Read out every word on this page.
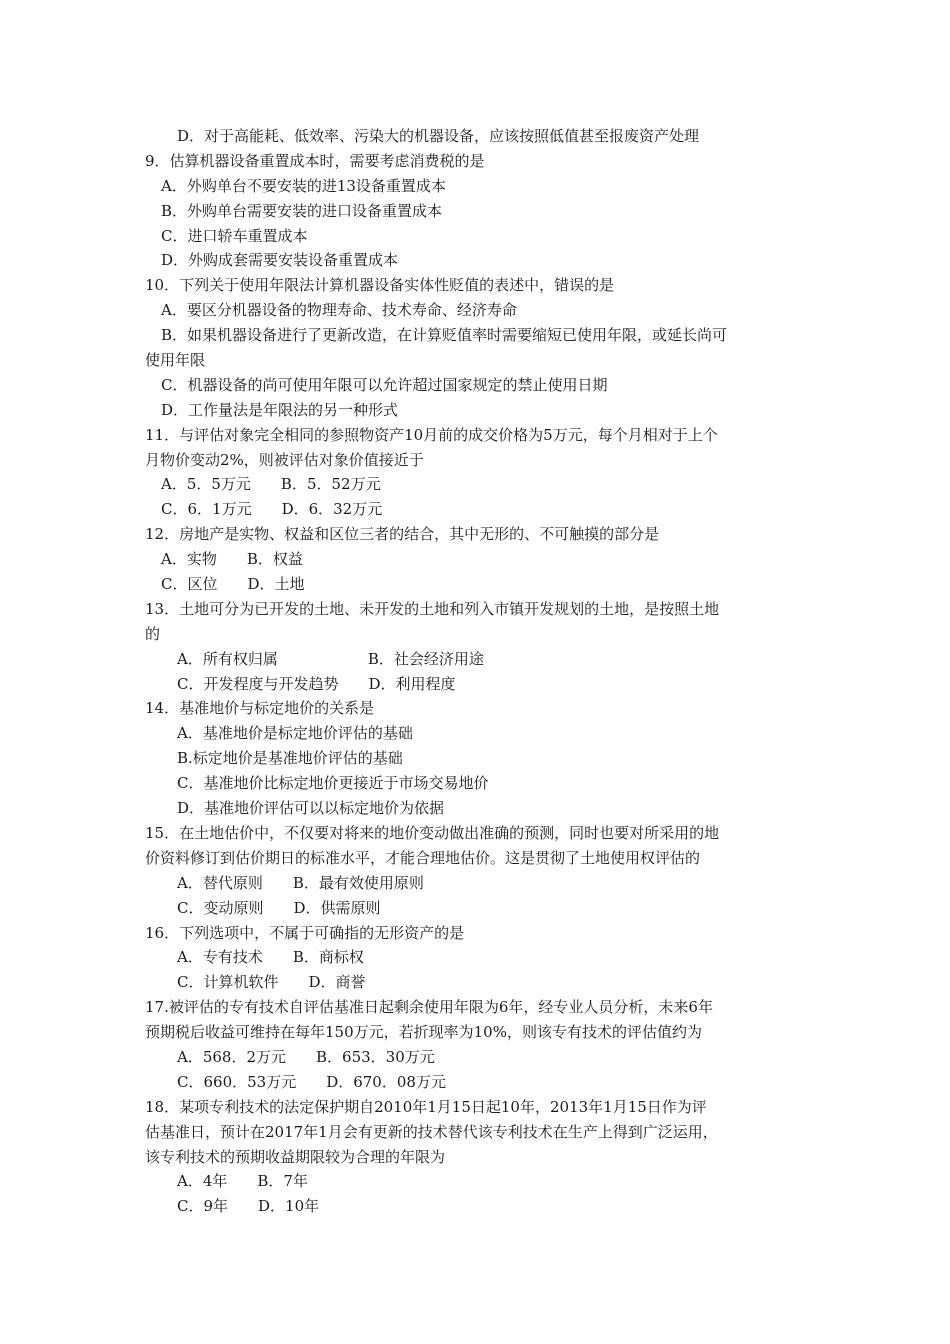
D．对于高能耗、低效率、污染大的机器设备，应该按照低值甚至报废资产处理
9．估算机器设备重置成本时，需要考虑消费税的是
A．外购单台不要安装的进13设备重置成本
B．外购单台需要安装的进口设备重置成本
C．进口轿车重置成本
D．外购成套需要安装设备重置成本
10．下列关于使用年限法计算机器设备实体性贬值的表述中，错误的是
A．要区分机器设备的物理寿命、技术寿命、经济寿命
B．如果机器设备进行了更新改造，在计算贬值率时需要缩短已使用年限，或延长尚可
使用年限
C．机器设备的尚可使用年限可以允许超过国家规定的禁止使用日期
D．工作量法是年限法的另一种形式
11．与评估对象完全相同的参照物资产10月前的成交价格为5万元，每个月相对于上个
月物价变动2%，则被评估对象价值接近于
A．5．5万元　　B．5．52万元
C．6．1万元　　D．6．32万元
12．房地产是实物、权益和区位三者的结合，其中无形的、不可触摸的部分是
A．实物　　B．权益
C．区位　　D．土地
13．土地可分为已开发的土地、未开发的土地和列入市镇开发规划的土地，是按照土地
的
A．所有权归属　　　　　　B．社会经济用途
C．开发程度与开发趋势　　D．利用程度
14．基准地价与标定地价的关系是
A．基准地价是标定地价评估的基础
B.标定地价是基准地价评估的基础
C．基准地价比标定地价更接近于市场交易地价
D．基准地价评估可以以标定地价为依据
15．在土地估价中，不仅要对将来的地价变动做出准确的预测，同时也要对所采用的地
价资料修订到估价期日的标准水平，才能合理地估价。这是贯彻了土地使用权评估的
A．替代原则　　B．最有效使用原则
C．变动原则　　D．供需原则
16．下列选项中，不属于可确指的无形资产的是
A．专有技术　　B．商标权
C．计算机软件　　D．商誉
17.被评估的专有技术自评估基准日起剩余使用年限为6年，经专业人员分析，未来6年
预期税后收益可维持在每年150万元，若折现率为10%，则该专有技术的评估值约为
A．568．2万元　　B．653．30万元
C．660．53万元　　D．670．08万元
18．某项专利技术的法定保护期自2010年1月15日起10年，2013年1月15日作为评
估基准日，预计在2017年1月会有更新的技术替代该专利技术在生产上得到广泛运用，
该专利技术的预期收益期限较为合理的年限为
A．4年　　B．7年
C．9年　　D．10年
